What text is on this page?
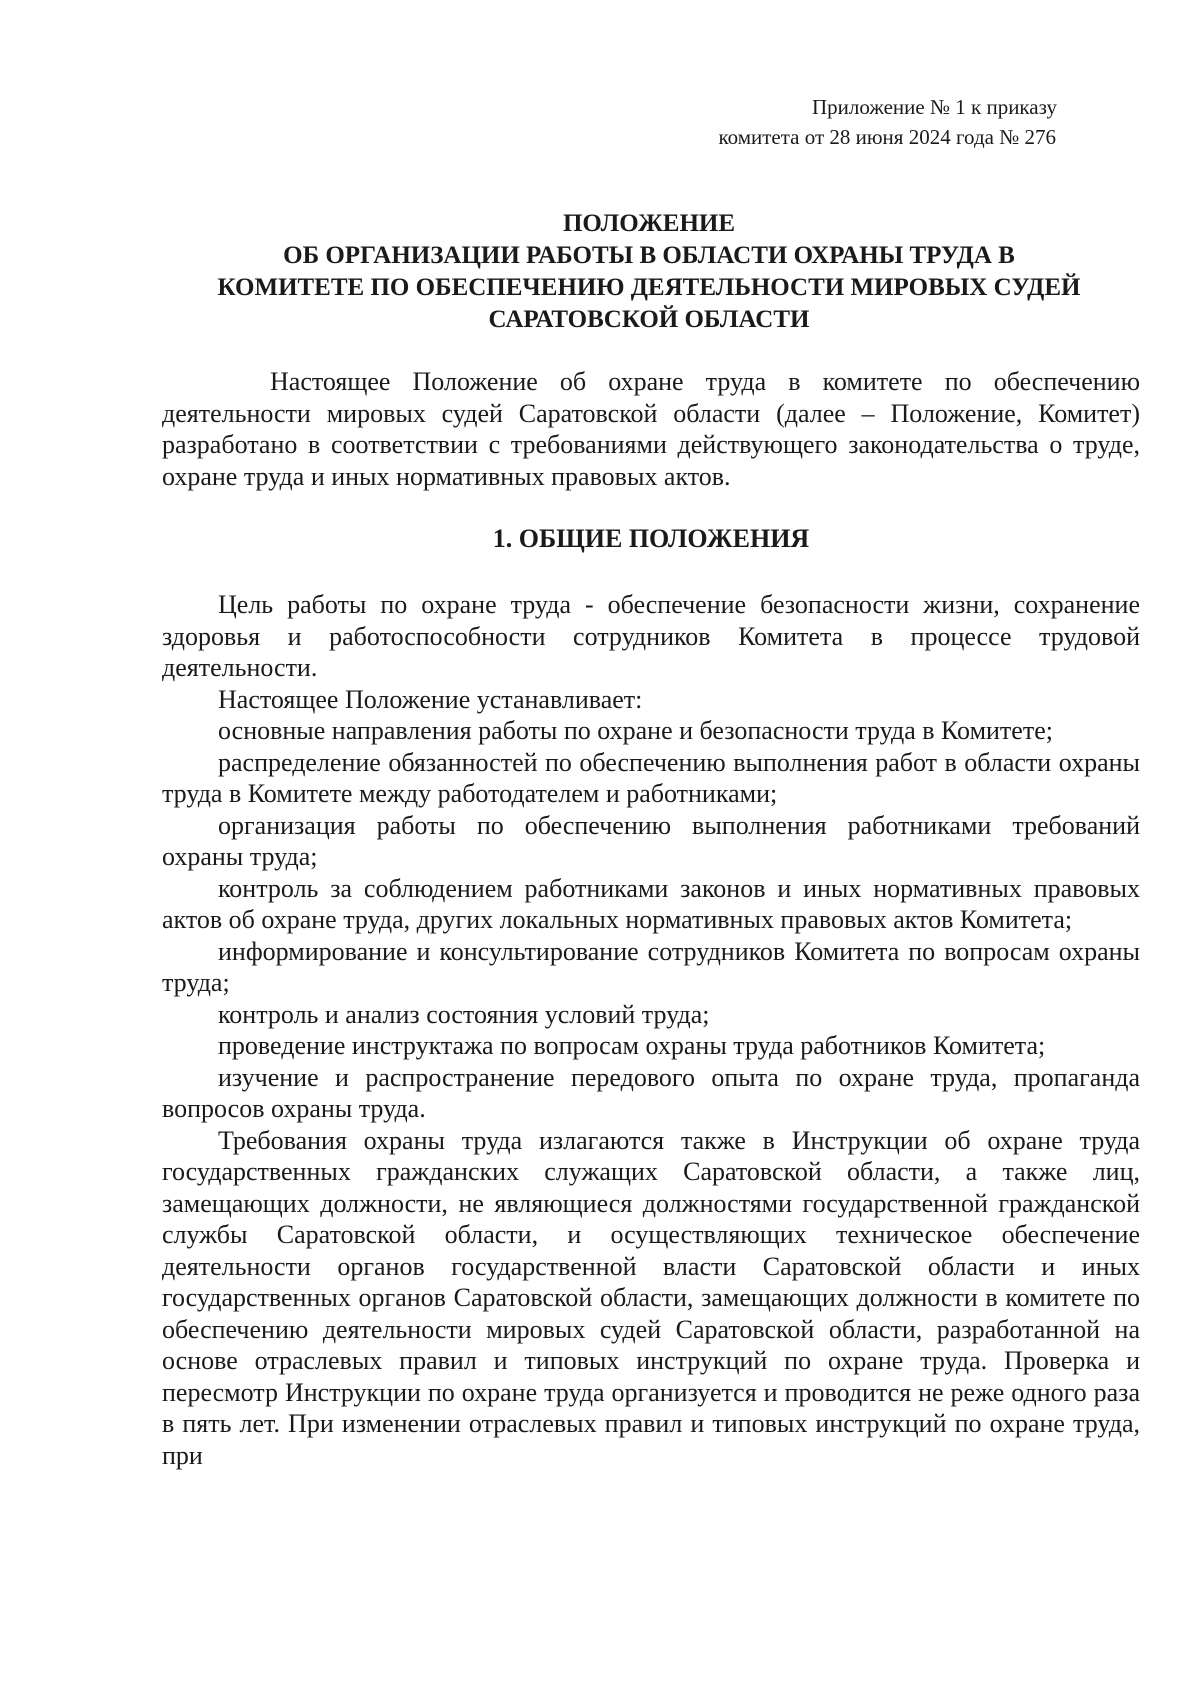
Приложение № 1 к приказу
комитета от 28 июня 2024 года № 276
ПОЛОЖЕНИЕ
ОБ ОРГАНИЗАЦИИ РАБОТЫ В ОБЛАСТИ ОХРАНЫ ТРУДА В
КОМИТЕТЕ ПО ОБЕСПЕЧЕНИЮ ДЕЯТЕЛЬНОСТИ МИРОВЫХ СУДЕЙ
САРАТОВСКОЙ ОБЛАСТИ

Настоящее Положение об охране труда в комитете по обеспечению деятельности мировых судей Саратовской области (далее – Положение, Комитет) разработано в соответствии с требованиями действующего законодательства о труде, охране труда и иных нормативных правовых актов.

1. ОБЩИЕ ПОЛОЖЕНИЯ

Цель работы по охране труда - обеспечение безопасности жизни, сохранение здоровья и работоспособности сотрудников Комитета в процессе трудовой деятельности.

Настоящее Положение устанавливает:

основные направления работы по охране и безопасности труда в Комитете;

распределение обязанностей по обеспечению выполнения работ в области охраны труда в Комитете между работодателем и работниками;

организация работы по обеспечению выполнения работниками требований охраны труда;

контроль за соблюдением работниками законов и иных нормативных правовых актов об охране труда, других локальных нормативных правовых актов Комитета;

информирование и консультирование сотрудников Комитета по вопросам охраны труда;

контроль и анализ состояния условий труда;

проведение инструктажа по вопросам охраны труда работников Комитета;

изучение и распространение передового опыта по охране труда, пропаганда вопросов охраны труда.

Требования охраны труда излагаются также в Инструкции об охране труда государственных гражданских служащих Саратовской области, а также лиц, замещающих должности, не являющиеся должностями государственной гражданской службы Саратовской области, и осуществляющих техническое обеспечение деятельности органов государственной власти Саратовской области и иных государственных органов Саратовской области, замещающих должности в комитете по обеспечению деятельности мировых судей Саратовской области, разработанной на основе отраслевых правил и типовых инструкций по охране труда. Проверка и пересмотр Инструкции по охране труда организуется и проводится не реже одного раза в пять лет. При изменении отраслевых правил и типовых инструкций по охране труда, при
